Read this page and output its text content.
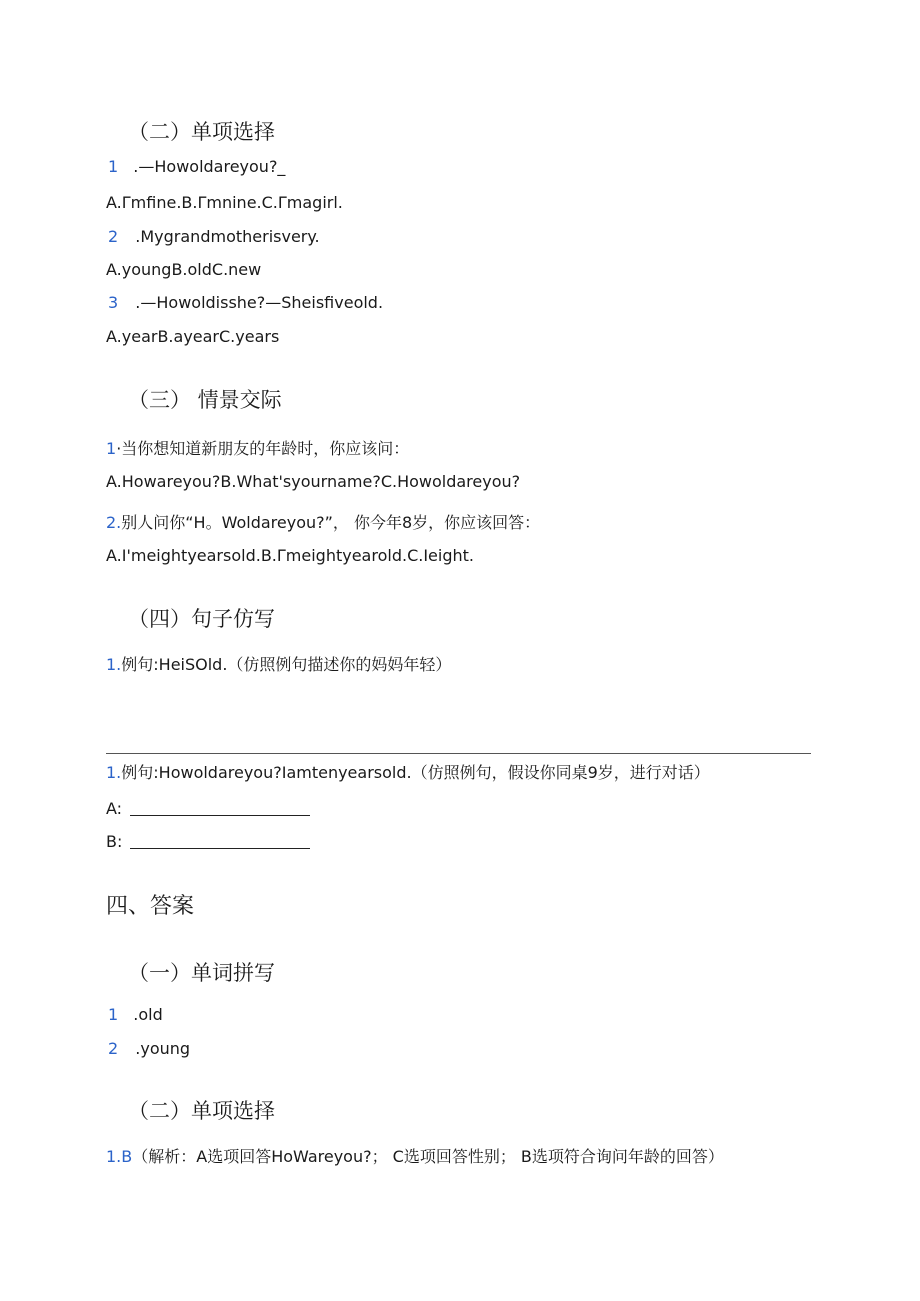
（二）单项选择
1 .—Howoldareyou?_
A.Γmfine.B.Γmnine.C.Γmagirl.
2 .Mygrandmotherisvery.
A.youngB.oldC.new
3 .—Howoldisshe?—Sheisfiveold.
A.yearB.ayearC.years
（三） 情景交际
1·当你想知道新朋友的年龄时，你应该问：
A.Howareyou?B.What'syourname?C.Howoldareyou?
2.别人问你“H。Woldareyou?”， 你今年8岁，你应该回答：
A.I'meightyearsold.B.Γmeightyearold.C.Ieight.
（四）句子仿写
1.例句:HeiSOld.（仿照例句描述你的妈妈年轻）
1.例句:Howoldareyou?Iamtenyearsold.（仿照例句，假设你同桌9岁，进行对话）
A:
B:
四、答案
（一）单词拼写
1 .old
2 .young
（二）单项选择
1.B（解析：A选项回答HoWareyou?； C选项回答性别； B选项符合询问年龄的回答）
